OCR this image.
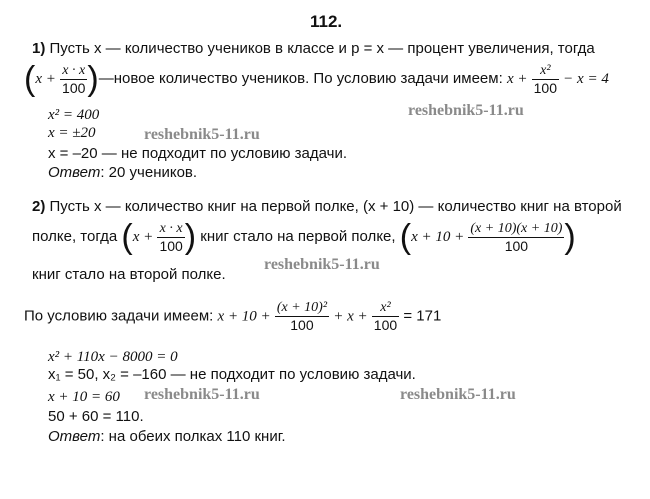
112.
1) Пусть x — количество учеников в классе и p = x — процент увеличения, тогда
($x + \frac{x \cdot x}{100}$ )—новое количество учеников. По условию задачи имеем: $x + \frac{\text{x²}}{100} - x = 4$
reshebnik5-11.ru
x² = 400
x = ±20	reshebnik5-11.ru
x = –20 — не подходит по условию задачи.
Ответ: 20 учеников.
2) Пусть x — количество книг на первой полке, (x + 10) — количество книг на второй
полке, тогда ($x + \frac{x \cdot x}{100}$ ) книг стало на первой полке, ($x + 10 + \frac{(x + 10)(x + 10)}{100}$ )
книг стало на второй полке.
reshebnik5-11.ru
По условию задачи имеем: $x + 10 + \frac{\text{(x + 10)²}}{100} + x + \frac{\text{x²}}{100} = 171$
x² + 110x − 8000 = 0
x₁ = 50, x₂ = –160 — не подходит по условию задачи.
x + 10 = 60 reshebnik5-11.ru	reshebnik5-11.ru
50 + 60 = 110.
Ответ: на обеих полках 110 книг.
